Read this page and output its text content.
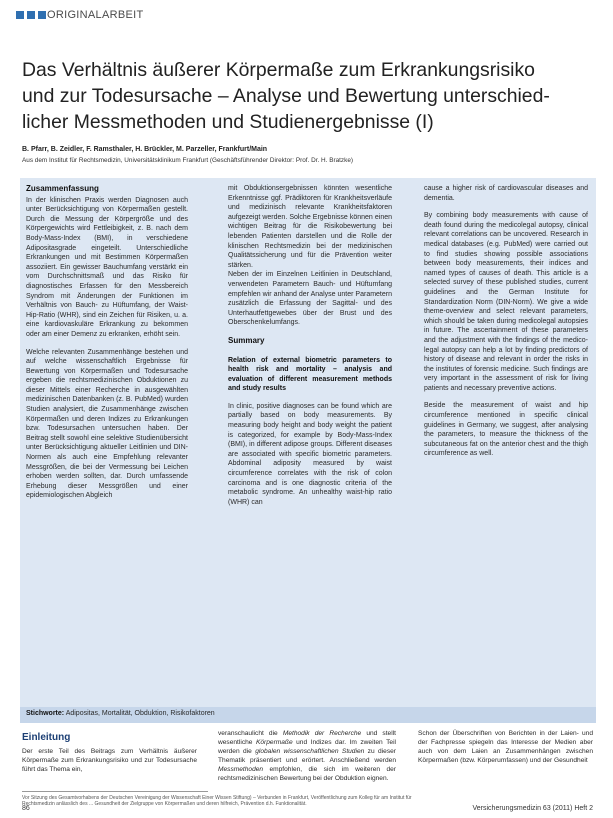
ORIGINALARBEIT
Das Verhältnis äußerer Körpermaße zum Erkrankungsrisiko
und zur Todesursache – Analyse und Bewertung unterschied-
licher Messmethoden und Studienergebnisse (I)
B. Pfarr, B. Zeidler, F. Ramsthaler, H. Brückler, M. Parzeller, Frankfurt/Main
Aus dem Institut für Rechtsmedizin, Universitätsklinikum Frankfurt (Geschäftsführender Direktor: Prof. Dr. H. Bratzke)
Zusammenfassung

In der klinischen Praxis werden Diagnosen auch unter Berücksichtigung von Körpermaßen gestellt. Durch die Messung der Körpergröße und des Körpergewichts wird Fettleibigkeit, z. B. nach dem Body-Mass-Index (BMI), in verschiedene Adipositasgrade eingeteilt. Unterschiedliche Erkrankungen und mit Bestimmen Körpermaßen assoziiert. Ein gewisser Bauchumfang verstärkt ein vom Durchschnittsmaß und das Risiko für diagnostisches Erfassen für den Messbereich Syndrom mit Änderungen der Funktionen im Verhältnis von Bauch- zu Hüftumfang, der Waist-Hip-Ratio (WHR), sind ein Zeichen für Risiken, u. a. eine kardiovaskuläre Erkrankung zu bekommen oder am einer Demenz zu erkranken, erhöht sein.

Welche relevanten Zusammenhänge bestehen und auf welche wissenschaftlich Ergebnisse für Bewertung von Körpermaßen und Todesursache ergeben die rechtsmedizinischen Obduktionen zu dieser Mittels einer Recherche in ausgewählten medizinischen Datenbanken (z. B. PubMed) wurden Studien analysiert, die Zusammenhänge zwischen Körpermaßen und deren Indizes zu Erkrankungen bzw. Todesursachen untersuchen haben. Der Beitrag stellt sowohl eine selektive Studienübersicht unter Berücksichtigung aktueller Leitlinien und DIN-Normen als auch eine Empfehlung relevanter Messgrößen, die bei der Vermessung bei Leichen erhoben werden sollten, dar. Durch umfassende Erhebung dieser Messgrößen und einer epidemiologischen Abgleich

mit Obduktionsergebnissen könnten wesentliche Erkenntnisse ggf. Prädiktoren für Krankheitsverläufe und medizinisch relevante Krankheitsfaktoren aufgezeigt werden. Solche Ergebnisse können einen wichtigen Beitrag für die Risikobewertung bei lebenden Patienten darstellen und die Rolle der klinischen Rechtsmedizin bei der medizinischen Qualitätssicherung und für die Prävention weiter stärken.

Neben der im Einzelnen Leitlinien in Deutschland, verwendeten Parametern Bauch- und Hüftumfang empfehlen wir anhand der Analyse unter Parametern zusätzlich die Erfassung der Sagittal- und des Unterhautfettgewebes über der Brust und des Oberschenkelumfangs.

Summary

Relation of external biometric parameters to health risk and mortality – analysis and evaluation of different measurement methods and study results

In clinic, positive diagnoses can be found which are partially based on body measurements. By measuring body height and body weight the patient is categorized, for example by Body-Mass-Index (BMI), in different adipose groups. Different diseases are associated with specific biometric parameters. Abdominal adiposity measured by waist circumference correlates with the risk of colon carcinoma and is one diagnostic criteria of the metabolic syndrome. An unhealthy waist-hip ratio (WHR) can

cause a higher risk of cardiovascular diseases and dementia.

By combining body measurements with cause of death found during the medicolegal autopsy, clinical relevant correlations can be uncovered. Research in medical databases (e.g. PubMed) were carried out to find studies showing possible associations between body measurements, their indices and named types of causes of death. This article is a selected survey of these published studies, current guidelines and the German Institute for Standardization Norm (DIN-Norm). We give a wide theme-overview and select relevant parameters, which should be taken during medicolegal autopsies in future. The ascertainment of these parameters and the adjustment with the findings of the medico-legal autopsy can help a lot by finding predictors of history of disease and relevant in order the risks in the institutes of forensic medicine. Such findings are very important in the assessment of risk for living patients and necessary preventive actions.

Beside the measurement of waist and hip circumference mentioned in specific clinical guidelines in Germany, we suggest, after analysing the parameters, to measure the thickness of the subcutaneous fat on the anterior chest and the thigh circumference as well.

Stichworte: Adipositas, Mortalität, Obduktion, Risikofaktoren
Einleitung

Der erste Teil des Beitrags zum Verhältnis äußerer Körpermaße zum Erkrankungsrisiko und zur Todesursache führt das Thema ein,

veranschaulicht die Methodik der Recherche und stellt wesentliche Körpermaße und Indizes dar. Im zweiten Teil werden die globalen wissenschaftlichen Studien zu dieser Thematik präsentiert und erörtert. Anschließend werden Messmethoden empfohlen, die sich im weiteren der rechtsmedizinischen Bewertung bei der Obduktion eignen.

Schon der Überschriften von Berichten in der Laien- und der Fachpresse spiegeln das Interesse der Medien aber auch von dem Laien an Zusammenhängen zwischen Körpermaßen (bzw. Körperumfassen) und der Gesundheit

Vor Sitzung des Gesamtvorhabens der Deutschen Vereinigung der Wissenschaft Einer Wissen Stiftung) – Verbunden in Frankfurt, Veröffentlichung zum Kolleg für am Institut für Rechtsmedizin anlässlich des ... Gesundheit der Zielgruppe von Körpermaßen und deren hilfreich, Prävention d.h. Funktionalität.
86	Versicherungsmedizin 63 (2011) Heft 2
